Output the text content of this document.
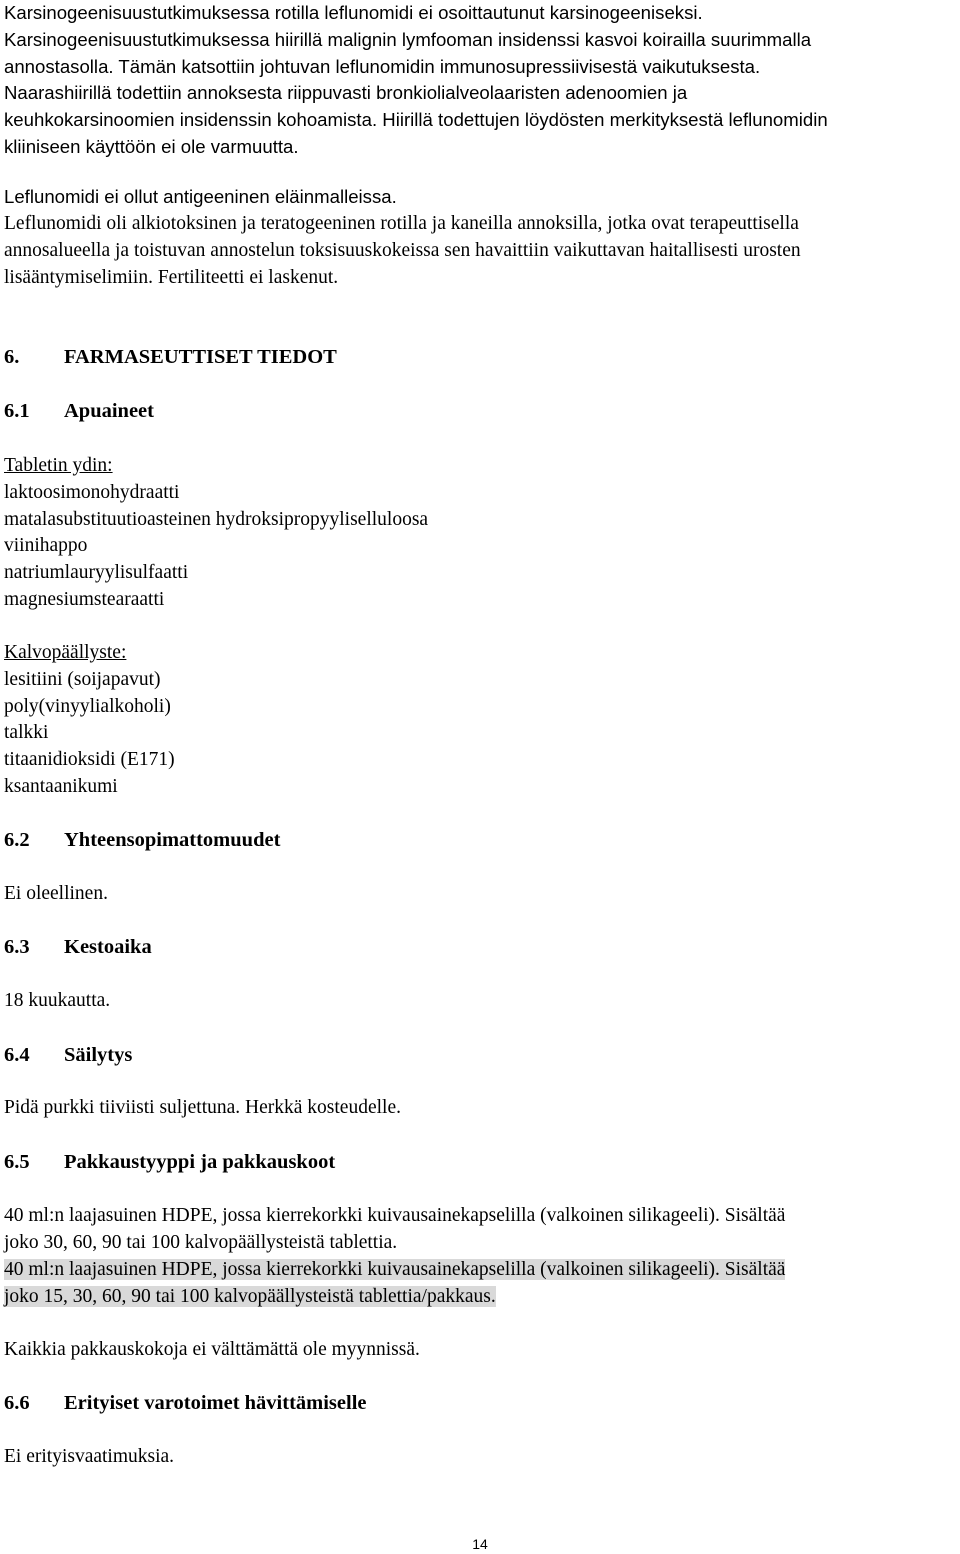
Karsinogeenisuustutkimuksessa rotilla leflunomidi ei osoittautunut karsinogeeniseksi.

Karsinogeenisuustutkimuksessa hiirillä malignin lymfooman insidenssi kasvoi koirailla suurimmalla

annostasolla. Tämän katsottiin johtuvan leflunomidin immunosupressiivisestä vaikutuksesta.

Naarashiirillä todettiin annoksesta riippuvasti bronkiolialveolaaristen adenoomien ja

keuhkokarsinoomien insidenssin kohoamista. Hiirillä todettujen löydösten merkityksestä leflunomidin

kliiniseen käyttöön ei ole varmuutta.

Leflunomidi ei ollut antigeeninen eläinmalleissa.

Leflunomidi oli alkiotoksinen ja teratogeeninen rotilla ja kaneilla annoksilla, jotka ovat terapeuttisella

annosalueella ja toistuvan annostelun toksisuuskokeissa sen havaittiin vaikuttavan haitallisesti urosten

lisääntymiselimiin. Fertiliteetti ei laskenut.

6. FARMASEUTTISET TIEDOT

6.1 Apuaineet

Tabletin ydin:

laktoosimonohydraatti

matalasubstituutioasteinen hydroksipropyyliselluloosa

viinihappo

natriumlauryylisulfaatti

magnesiumstearaatti

Kalvopäällyste:

lesitiini (soijapavut)

poly(vinyylialkoholi)

talkki

titaanidioksidi (E171)

ksantaanikumi

6.2 Yhteensopimattomuudet

Ei oleellinen.

6.3 Kestoaika

18 kuukautta.

6.4 Säilytys

Pidä purkki tiiviisti suljettuna. Herkkä kosteudelle.

6.5 Pakkaustyyppi ja pakkauskoot

40 ml:n laajasuinen HDPE, jossa kierrekorkki kuivausainekapselilla (valkoinen silikageeli). Sisältää

joko 30, 60, 90 tai 100 kalvopäällysteistä tablettia.

40 ml:n laajasuinen HDPE, jossa kierrekorkki kuivausainekapselilla (valkoinen silikageeli). Sisältää

joko 15, 30, 60, 90 tai 100 kalvopäällysteistä tablettia/pakkaus.

Kaikkia pakkauskokoja ei välttämättä ole myynnissä.

6.6 Erityiset varotoimet hävittämiselle

Ei erityisvaatimuksia.

14
